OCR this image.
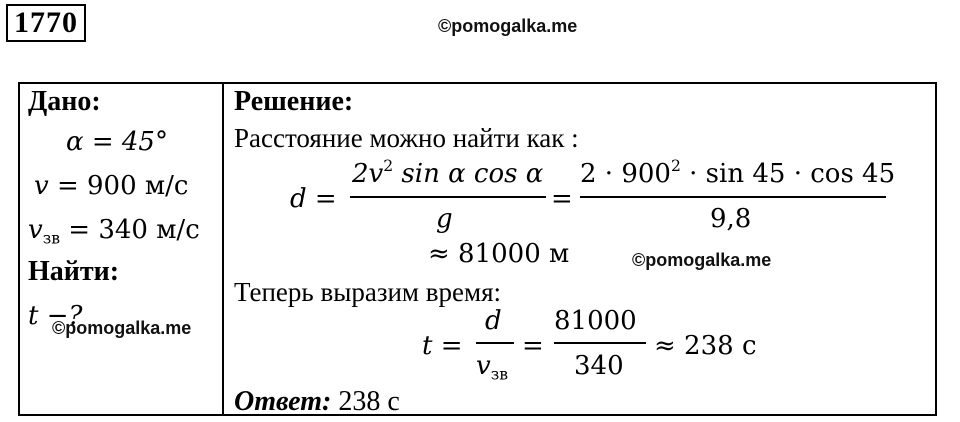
1770	©pomogalka.me
Дано:
α = 45°
v = 900 м/с
$v_{зв} = 340$ м/с
Найти:
t −?
©pomogalka.me
Решение:
Расстояние можно найти как :
d =
$2v^2$ sin α cos α
g
=
$2 \cdot 900^2 \cdot \sin 45 \cdot \cos 45$
9,8
≈ 81000 м	©pomogalka.me
Теперь выразим время:
t =
d
$v_{зв}$
=
81000
340
≈ 238 с
Ответ: 238 с
